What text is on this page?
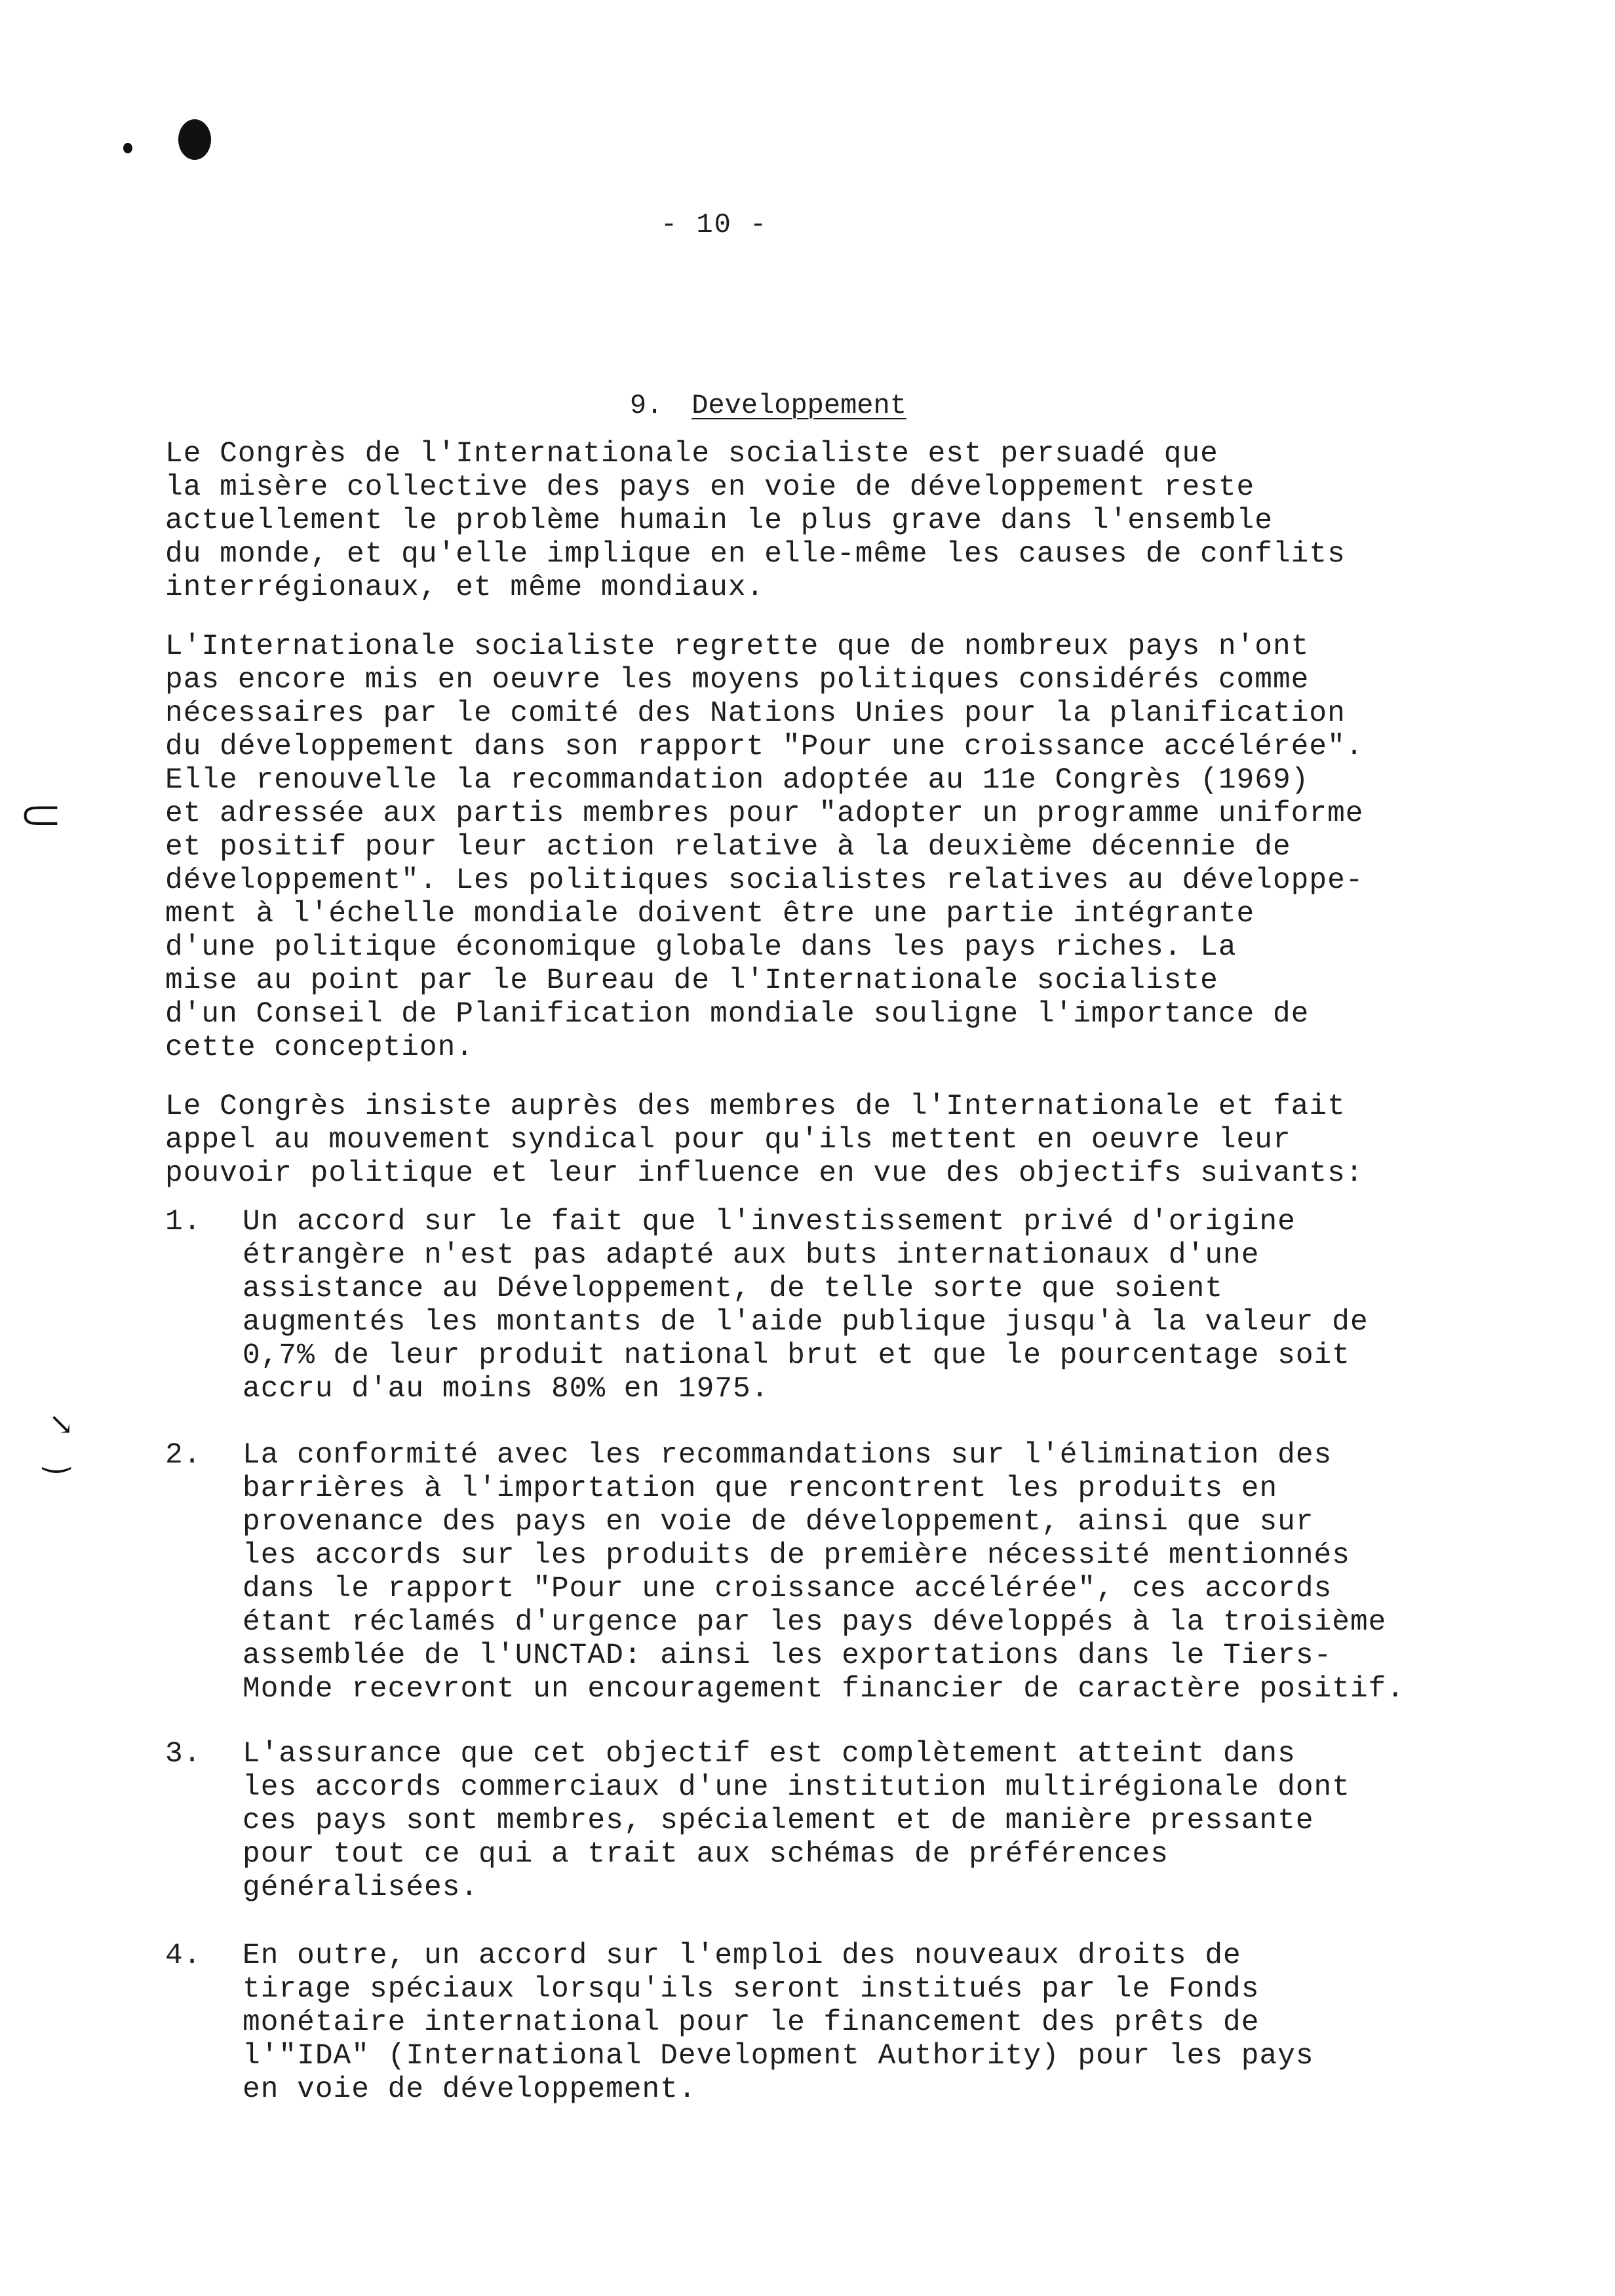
⸦
↘
‿
- 10 -

9. Developpement

Le Congrès de l'Internationale socialiste est persuadé que
la misère collective des pays en voie de développement reste
actuellement le problème humain le plus grave dans l'ensemble
du monde, et qu'elle implique en elle-même les causes de conflits
interrégionaux, et même mondiaux.
L'Internationale socialiste regrette que de nombreux pays n'ont
pas encore mis en oeuvre les moyens politiques considérés comme
nécessaires par le comité des Nations Unies pour la planification
du développement dans son rapport "Pour une croissance accélérée".
Elle renouvelle la recommandation adoptée au 11e Congrès (1969)
et adressée aux partis membres pour "adopter un programme uniforme
et positif pour leur action relative à la deuxième décennie de
développement". Les politiques socialistes relatives au développe-
ment à l'échelle mondiale doivent être une partie intégrante
d'une politique économique globale dans les pays riches. La
mise au point par le Bureau de l'Internationale socialiste
d'un Conseil de Planification mondiale souligne l'importance de
cette conception.
Le Congrès insiste auprès des membres de l'Internationale et fait
appel au mouvement syndical pour qu'ils mettent en oeuvre leur
pouvoir politique et leur influence en vue des objectifs suivants:
1. Un accord sur le fait que l'investissement privé d'origine
étrangère n'est pas adapté aux buts internationaux d'une
assistance au Développement, de telle sorte que soient
augmentés les montants de l'aide publique jusqu'à la valeur de
0,7% de leur produit national brut et que le pourcentage soit
accru d'au moins 80% en 1975.
2. La conformité avec les recommandations sur l'élimination des
barrières à l'importation que rencontrent les produits en
provenance des pays en voie de développement, ainsi que sur
les accords sur les produits de première nécessité mentionnés
dans le rapport "Pour une croissance accélérée", ces accords
étant réclamés d'urgence par les pays développés à la troisième
assemblée de l'UNCTAD: ainsi les exportations dans le Tiers-
Monde recevront un encouragement financier de caractère positif.
3. L'assurance que cet objectif est complètement atteint dans
les accords commerciaux d'une institution multirégionale dont
ces pays sont membres, spécialement et de manière pressante
pour tout ce qui a trait aux schémas de préférences
généralisées.
4. En outre, un accord sur l'emploi des nouveaux droits de
tirage spéciaux lorsqu'ils seront institués par le Fonds
monétaire international pour le financement des prêts de
l'"IDA" (International Development Authority) pour les pays
en voie de développement.
